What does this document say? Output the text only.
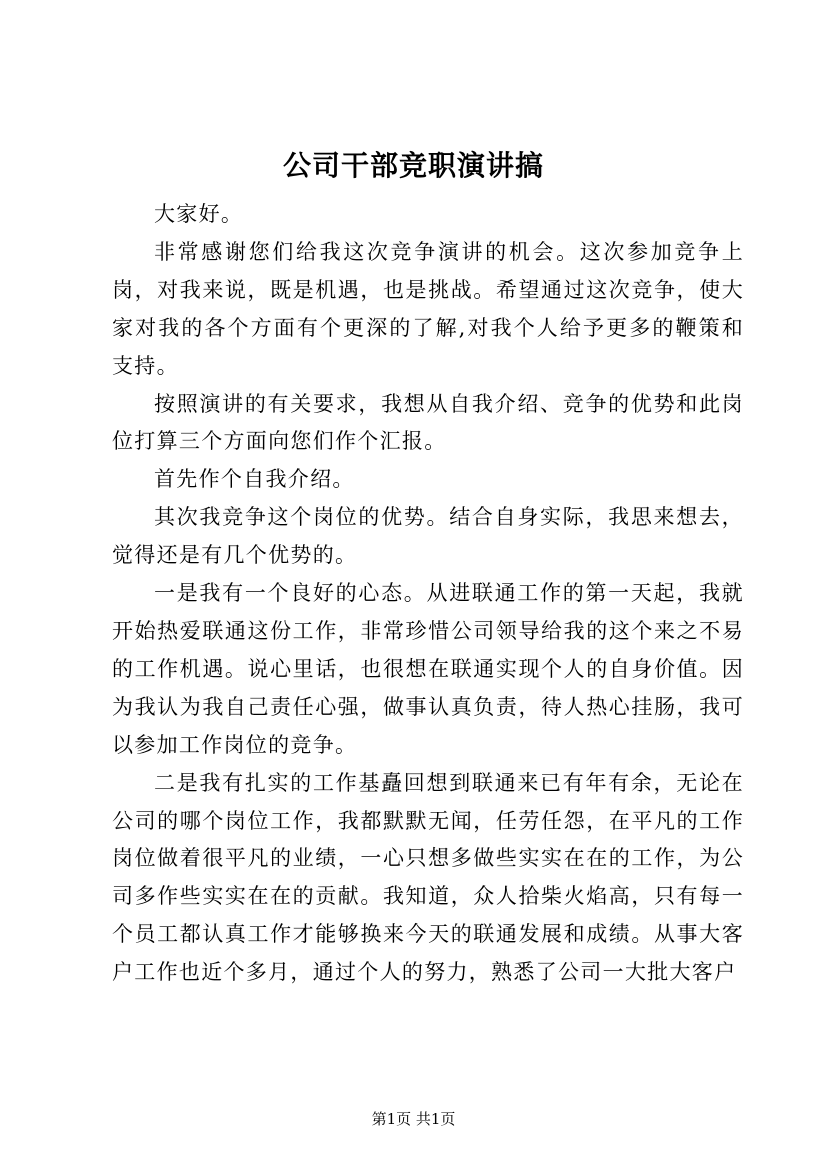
公司干部竞职演讲搞

大家好。

非常感谢您们给我这次竞争演讲的机会。这次参加竞争上岗，对我来说，既是机遇，也是挑战。希望通过这次竞争，使大家对我的各个方面有个更深的了解,对我个人给予更多的鞭策和支持。

按照演讲的有关要求，我想从自我介绍、竞争的优势和此岗位打算三个方面向您们作个汇报。

首先作个自我介绍。

其次我竞争这个岗位的优势。结合自身实际，我思来想去，觉得还是有几个优势的。

一是我有一个良好的心态。从进联通工作的第一天起，我就开始热爱联通这份工作，非常珍惜公司领导给我的这个来之不易的工作机遇。说心里话，也很想在联通实现个人的自身价值。因为我认为我自己责任心强，做事认真负责，待人热心挂肠，我可以参加工作岗位的竞争。

二是我有扎实的工作基矗回想到联通来已有年有余，无论在公司的哪个岗位工作，我都默默无闻，任劳任怨，在平凡的工作岗位做着很平凡的业绩，一心只想多做些实实在在的工作，为公司多作些实实在在的贡献。我知道，众人拾柴火焰高，只有每一个员工都认真工作才能够换来今天的联通发展和成绩。从事大客户工作也近个多月，通过个人的努力，熟悉了公司一大批大客户

第1页 共1页
